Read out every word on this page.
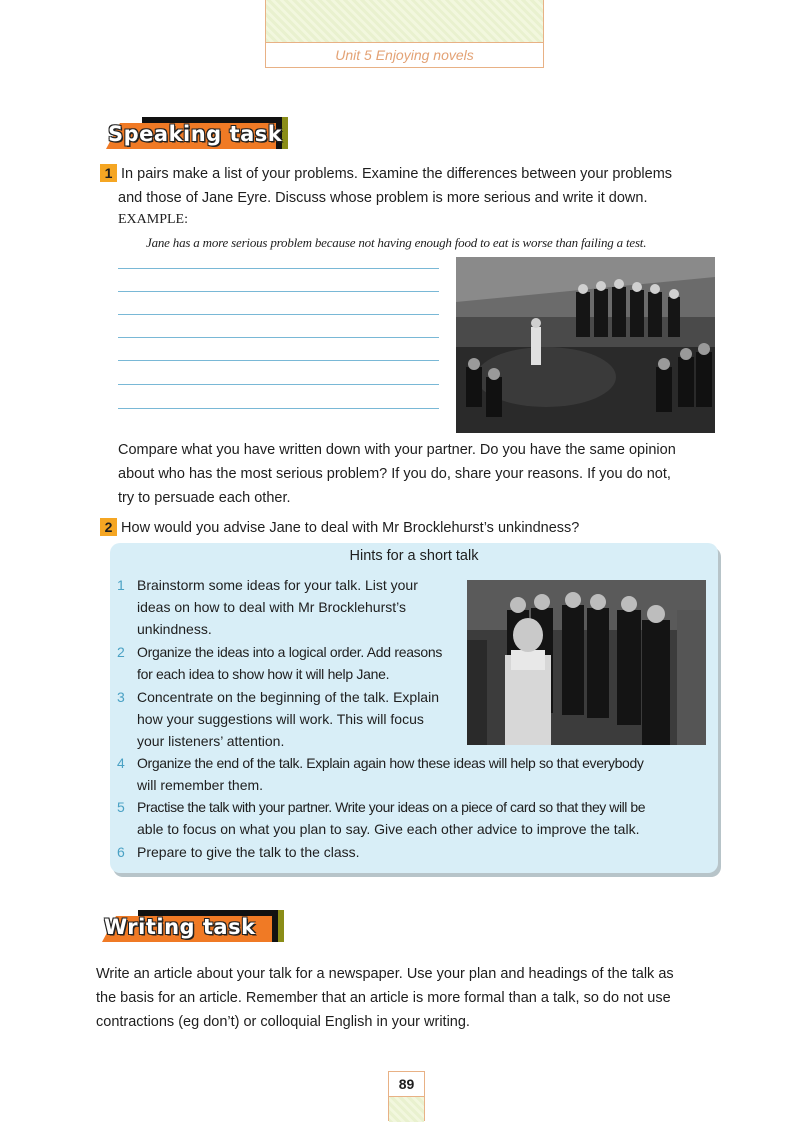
Unit 5 Enjoying novels
Speaking task
1 In pairs make a list of your problems. Examine the differences between your problems
and those of Jane Eyre. Discuss whose problem is more serious and write it down.
EXAMPLE:
Jane has a more serious problem because not having enough food to eat is worse than failing a test.
Compare what you have written down with your partner. Do you have the same opinion
about who has the most serious problem? If you do, share your reasons. If you do not,
try to persuade each other.
2 How would you advise Jane to deal with Mr Brocklehurst’s unkindness?
Hints for a short talk
1 Brainstorm some ideas for your talk. List your
ideas on how to deal with Mr Brocklehurst’s
unkindness.
2 Organize the ideas into a logical order. Add reasons
for each idea to show how it will help Jane.
3 Concentrate on the beginning of the talk. Explain
how your suggestions will work. This will focus
your listeners’ attention.
4 Organize the end of the talk. Explain again how these ideas will help so that everybody
will remember them.
5 Practise the talk with your partner. Write your ideas on a piece of card so that they will be
able to focus on what you plan to say. Give each other advice to improve the talk.
6 Prepare to give the talk to the class.
Writing task
Write an article about your talk for a newspaper. Use your plan and headings of the talk as
the basis for an article. Remember that an article is more formal than a talk, so do not use
contractions (eg don’t) or colloquial English in your writing.
89
